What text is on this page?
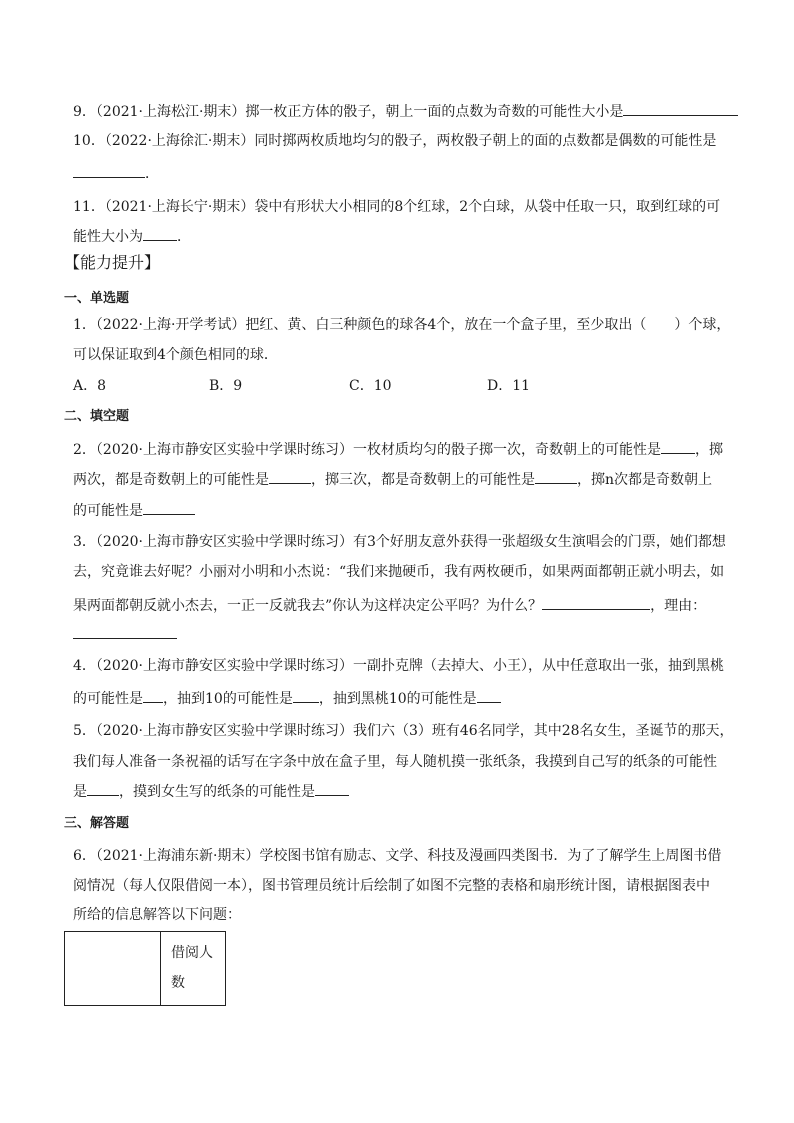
9．（2021·上海松江·期末）掷一枚正方体的骰子，朝上一面的点数为奇数的可能性大小是
10．（2022·上海徐汇·期末）同时掷两枚质地均匀的骰子，两枚骰子朝上的面的点数都是偶数的可能性是
．
11．（2021·上海长宁·期末）袋中有形状大小相同的8个红球，2个白球，从袋中任取一只，取到红球的可
能性大小为 ．
【能力提升】
一、单选题
1．（2022·上海·开学考试）把红、黄、白三种颜色的球各4个，放在一个盒子里，至少取出（　　）个球，
可以保证取到4个颜色相同的球．
A．8	B．9	C．10	D．11
二、填空题
2．（2020·上海市静安区实验中学课时练习）一枚材质均匀的骰子掷一次，奇数朝上的可能性是 ，掷
两次，都是奇数朝上的可能性是	，掷三次，都是奇数朝上的可能性是	，掷n次都是奇数朝上
的可能性是
3．（2020·上海市静安区实验中学课时练习）有3个好朋友意外获得一张超级女生演唱会的门票，她们都想
去，究竟谁去好呢？小丽对小明和小杰说：“我们来抛硬币，我有两枚硬币，如果两面都朝正就小明去，如
果两面都朝反就小杰去，一正一反就我去”你认为这样决定公平吗？为什么？	，理由：
4．（2020·上海市静安区实验中学课时练习）一副扑克牌（去掉大、小王），从中任意取出一张，抽到黑桃
的可能性是 ，抽到10的可能性是 ，抽到黑桃10的可能性是
5．（2020·上海市静安区实验中学课时练习）我们六（3）班有46名同学，其中28名女生，圣诞节的那天，
我们每人准备一条祝福的话写在字条中放在盒子里，每人随机摸一张纸条，我摸到自己写的纸条的可能性
是 ，摸到女生写的纸条的可能性是
三、解答题
6．（2021·上海浦东新·期末）学校图书馆有励志、文学、科技及漫画四类图书．为了了解学生上周图书借
阅情况（每人仅限借阅一本），图书管理员统计后绘制了如图不完整的表格和扇形统计图，请根据图表中
所给的信息解答以下问题：

借阅人数
